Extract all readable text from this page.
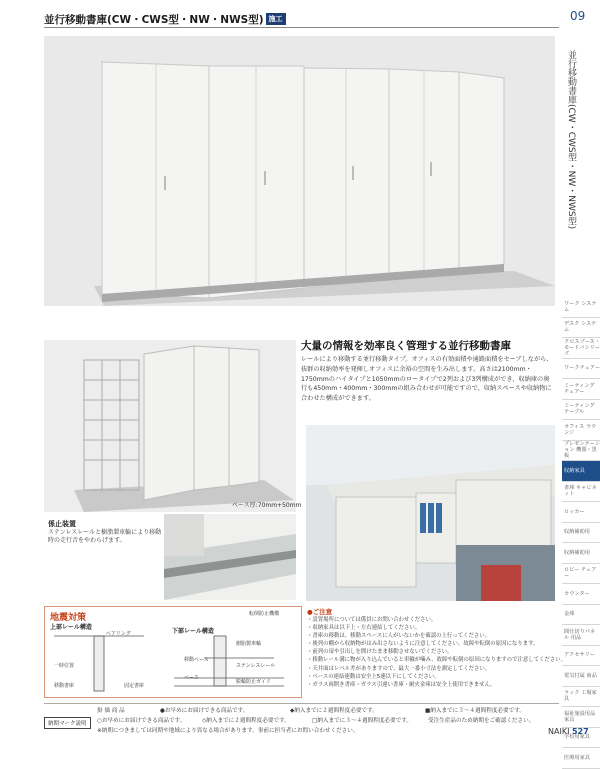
並行移動書庫(CW・CWS型・NW・NWS型) 施工	09
並行移動書庫(CW・CWS型・NW・NWS型)
ワーク システム
デスク システム
クロスブース・ モードバシリーズ
ワークチェアー
ミーティング チェアー
ミーティング テーブル
オフィス ラウンジ
プレゼンテーション 機器・黒板
収納家具
書庫 キャビネット
ロッカー
収納補助用
収納補助用
ロビー チェアー
カウンター
金庫
間仕切りパネル 用品
アクセサリー
電気付属 商品
ラック 工場家具
福祉施設用品 家具
学校用家具
医療用家具
ベース厚:70mm+50mm
係止装置
ステンレスレールと樹脂製車輪により移動時の走行音をやわらげます。
大量の情報を効率良く管理する並行移動書庫
レールにより移動する並行移動タイプ。オフィスの有効面積や通路面積をセーブしながら、抜群の収納効率を発揮しオフィスに余裕の空間を生み出します。高さは2100mm・1750mmのハイタイプと1050mmのロータイプで2列および3列構成ができ、収納庫の奥行も450mm・400mm・300mmの組み合わせが可能ですので、収納スペースや収納物に合わせた構成ができます。
地震対策
上部レール構造
下部レール構造
転倒防止機構
ベアリング
一時位置
移動書庫	固定書庫
移動ベース
ベース
樹脂製車輪
ステンレスレール
脱輪防止ガイド
●ご注意
・設置場所については係員にお問い合わせください。
・収納家具は以下上・左右連結してください。
・書庫の移動は、移動スペースに人がいないかを確認の上行ってください。
・後列の棚から収納物がはみ出さないように注意してください。故障や転倒の原因になります。
・前列の扉や引出しを開けたまま移動させないでください。
・移動レール溝に物が入り込んでいると車輪が噛み、故障や転倒の原因になりますので注意してください。
・天井面はレベル差がありますので、最大一番小寸法を測定してください。
・ベースの連結連動は安全上5連以下にしてください。
・ガラス両開き書庫・ガラス引違い書庫・耐火金庫は安全上使用できません。
納期マーク説明
掛 価 商 品	●お早めにお届けできる商品です。	◆納入までに２週間程度必要です。	■納入までに３～４週間程度必要です。
○お早めにお届けできる商品です。	◇納入までに２週間程度必要です。	□納入までに３～４週間程度必要です。	受注生産品のため納期をご確認ください。
※納期につきましては同期や地域により異なる場合があります。事前に担当者にお問い合わせください。	NAIKI 527
